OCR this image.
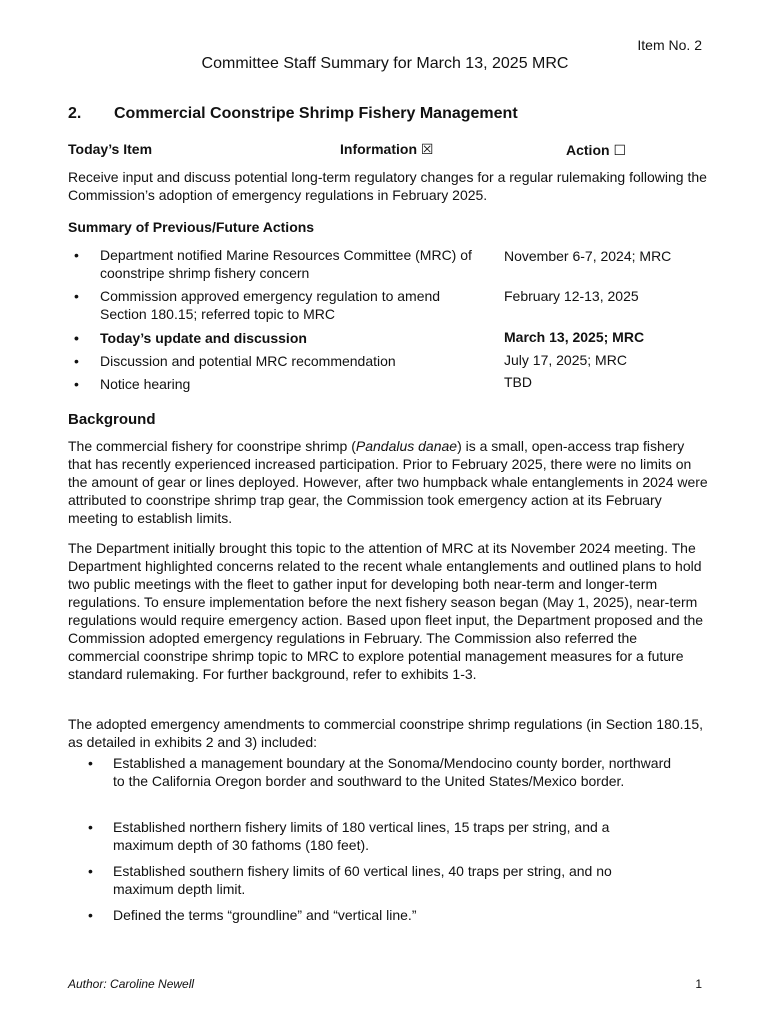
Item No. 2
Committee Staff Summary for March 13, 2025 MRC
2. Commercial Coonstripe Shrimp Fishery Management
Today’s Item	Information ☒	Action ☐
Receive input and discuss potential long-term regulatory changes for a regular rulemaking following the Commission’s adoption of emergency regulations in February 2025.
Summary of Previous/Future Actions
• Department notified Marine Resources Committee (MRC) of coonstripe shrimp fishery concern
November 6-7, 2024; MRC
• Commission approved emergency regulation to amend Section 180.15; referred topic to MRC
February 12-13, 2025
• Today’s update and discussion	March 13, 2025; MRC
• Discussion and potential MRC recommendation	July 17, 2025; MRC
• Notice hearing	TBD
Background
The commercial fishery for coonstripe shrimp (Pandalus danae) is a small, open-access trap fishery that has recently experienced increased participation. Prior to February 2025, there were no limits on the amount of gear or lines deployed. However, after two humpback whale entanglements in 2024 were attributed to coonstripe shrimp trap gear, the Commission took emergency action at its February meeting to establish limits.
The Department initially brought this topic to the attention of MRC at its November 2024 meeting. The Department highlighted concerns related to the recent whale entanglements and outlined plans to hold two public meetings with the fleet to gather input for developing both near-term and longer-term regulations. To ensure implementation before the next fishery season began (May 1, 2025), near-term regulations would require emergency action. Based upon fleet input, the Department proposed and the Commission adopted emergency regulations in February. The Commission also referred the commercial coonstripe shrimp topic to MRC to explore potential management measures for a future standard rulemaking. For further background, refer to exhibits 1-3.
The adopted emergency amendments to commercial coonstripe shrimp regulations (in Section 180.15, as detailed in exhibits 2 and 3) included:
• Established a management boundary at the Sonoma/Mendocino county border, northward to the California Oregon border and southward to the United States/Mexico border.
• Established northern fishery limits of 180 vertical lines, 15 traps per string, and a maximum depth of 30 fathoms (180 feet).
• Established southern fishery limits of 60 vertical lines, 40 traps per string, and no maximum depth limit.
• Defined the terms “groundline” and “vertical line.”
Author: Caroline Newell	1
